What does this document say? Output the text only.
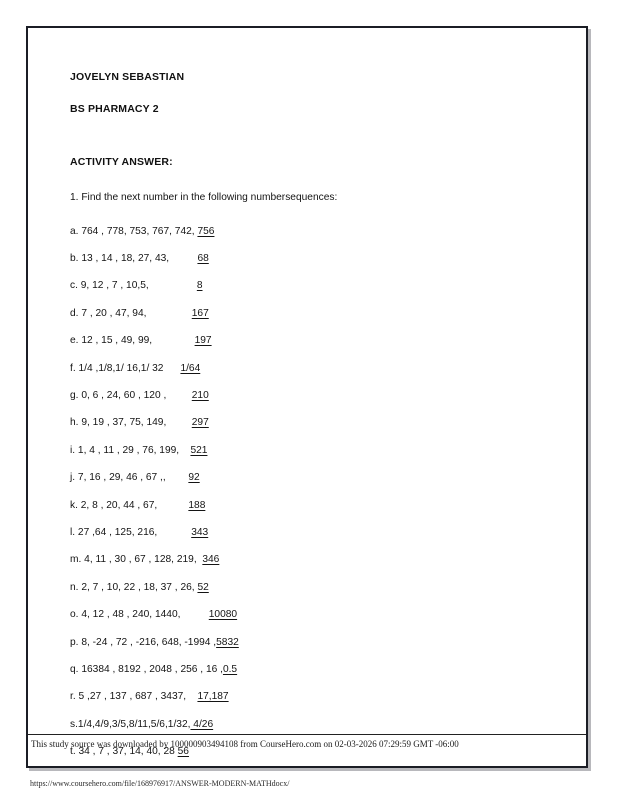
JOVELYN SEBASTIAN

BS PHARMACY 2

ACTIVITY ANSWER:

1. Find the next number in the following numbersequences:

a. 764 , 778, 753, 767, 742, 756
b. 13 , 14 , 18, 27, 43, 68
c. 9, 12 , 7 , 10,5, 8
d. 7 , 20 , 47, 94, 167
e. 12 , 15 , 49, 99, 197
f. 1/4 ,1/8,1/ 16,1/ 32 1/64
g. 0, 6 , 24, 60 , 120 , 210
h. 9, 19 , 37, 75, 149, 297
i. 1, 4 , 11 , 29 , 76, 199, 521
j. 7, 16 , 29, 46 , 67 ,, 92
k. 2, 8 , 20, 44 , 67, 188
l. 27 ,64 , 125, 216, 343
m. 4, 11 , 30 , 67 , 128, 219, 346
n. 2, 7 , 10, 22 , 18, 37 , 26, 52
o. 4, 12 , 48 , 240, 1440, 10080
p. 8, -24 , 72 , -216, 648, -1994 , 5832
q. 16384 , 8192 , 2048 , 256 , 16 , 0.5
r. 5 ,27 , 137 , 687 , 3437, 17,187
s.1/4,4/9,3/5,8/11,5/6,1/32, 4/26
t. 34 , 7 , 37, 14, 40, 28 56
This study source was downloaded by 100000903494108 from CourseHero.com on 02-03-2026 07:29:59 GMT -06:00
https://www.coursehero.com/file/168976917/ANSWER-MODERN-MATHdocx/
